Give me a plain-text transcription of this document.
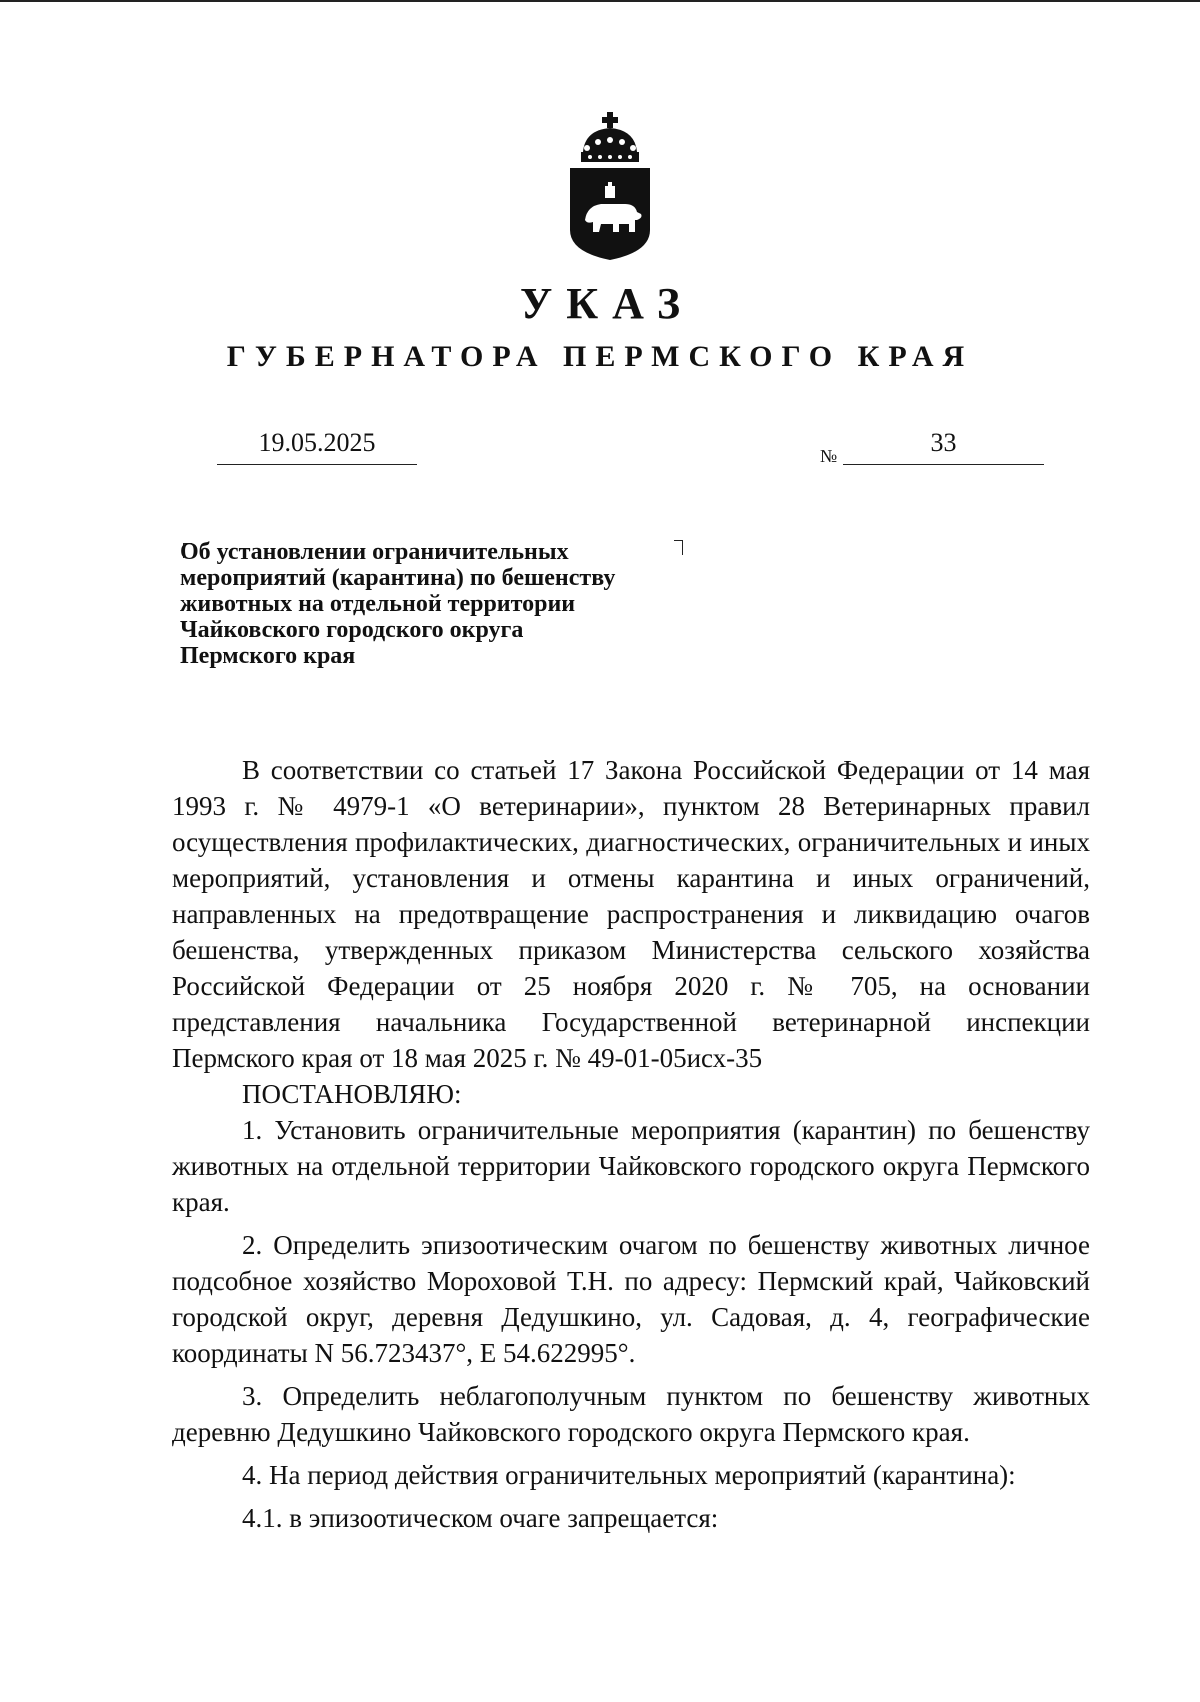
УКАЗ
ГУБЕРНАТОРА ПЕРМСКОГО КРАЯ
19.05.2025	№	33
Об установлении ограничительных
мероприятий (карантина) по бешенству
животных на отдельной территории
Чайковского городского округа
Пермского края

В соответствии со статьей 17 Закона Российской Федерации от 14 мая 1993 г. № 4979-1 «О ветеринарии», пунктом 28 Ветеринарных правил осуществления профилактических, диагностических, ограничительных и иных мероприятий, установления и отмены карантина и иных ограничений, направленных на предотвращение распространения и ликвидацию очагов бешенства, утвержденных приказом Министерства сельского хозяйства Российской Федерации от 25 ноября 2020 г. № 705, на основании представления начальника Государственной ветеринарной инспекции Пермского края от 18 мая 2025 г. № 49-01-05исх-35

ПОСТАНОВЛЯЮ:

1. Установить ограничительные мероприятия (карантин) по бешенству животных на отдельной территории Чайковского городского округа Пермского края.

2. Определить эпизоотическим очагом по бешенству животных личное подсобное хозяйство Мороховой Т.Н. по адресу: Пермский край, Чайковский городской округ, деревня Дедушкино, ул. Садовая, д. 4, географические координаты N 56.723437°, E 54.622995°.

3. Определить неблагополучным пунктом по бешенству животных деревню Дедушкино Чайковского городского округа Пермского края.

4. На период действия ограничительных мероприятий (карантина):

4.1. в эпизоотическом очаге запрещается:
